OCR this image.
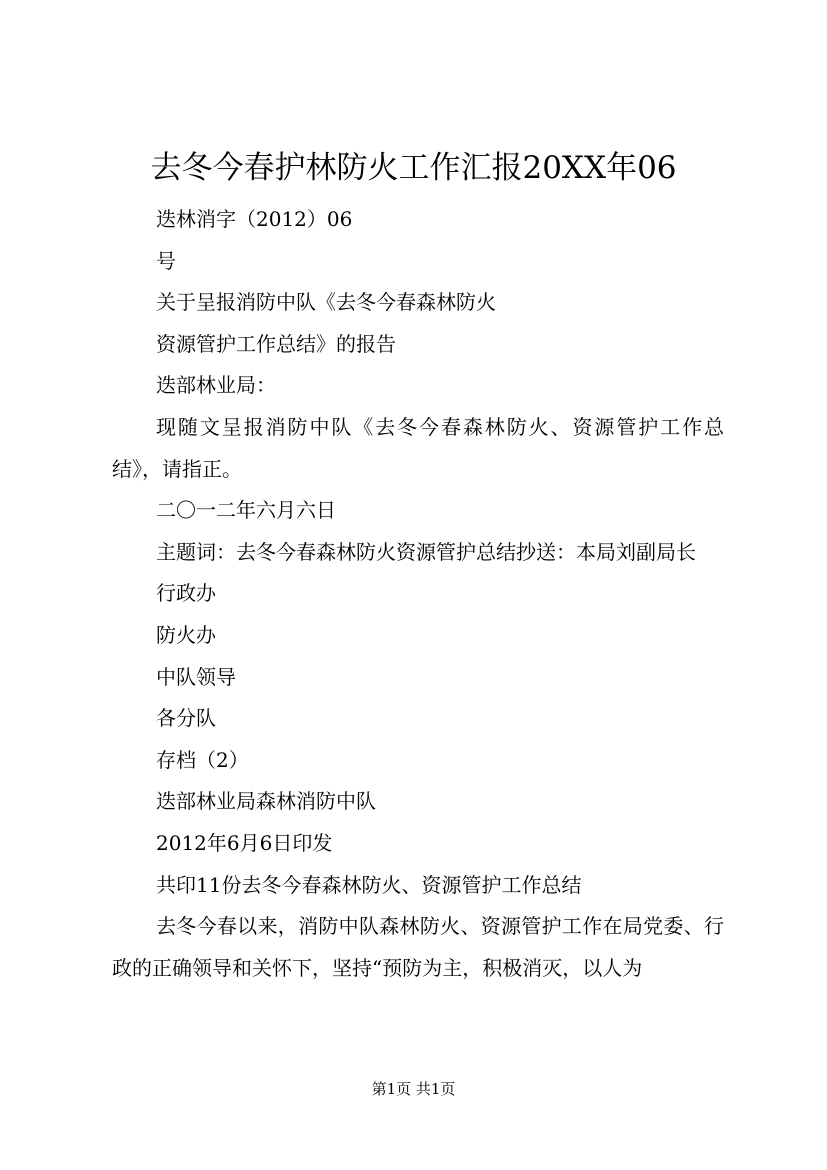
去冬今春护林防火工作汇报20XX年06

迭林消字（2012）06

号

关于呈报消防中队《去冬今春森林防火

资源管护工作总结》的报告

迭部林业局：

现随文呈报消防中队《去冬今春森林防火、资源管护工作总结》，请指正。

二〇一二年六月六日

主题词：去冬今春森林防火资源管护总结抄送：本局刘副局长

行政办

防火办

中队领导

各分队

存档（2）

迭部林业局森林消防中队

2012年6月6日印发

共印11份去冬今春森林防火、资源管护工作总结

去冬今春以来，消防中队森林防火、资源管护工作在局党委、行政的正确领导和关怀下，坚持“预防为主，积极消灭，以人为

第1页 共1页
